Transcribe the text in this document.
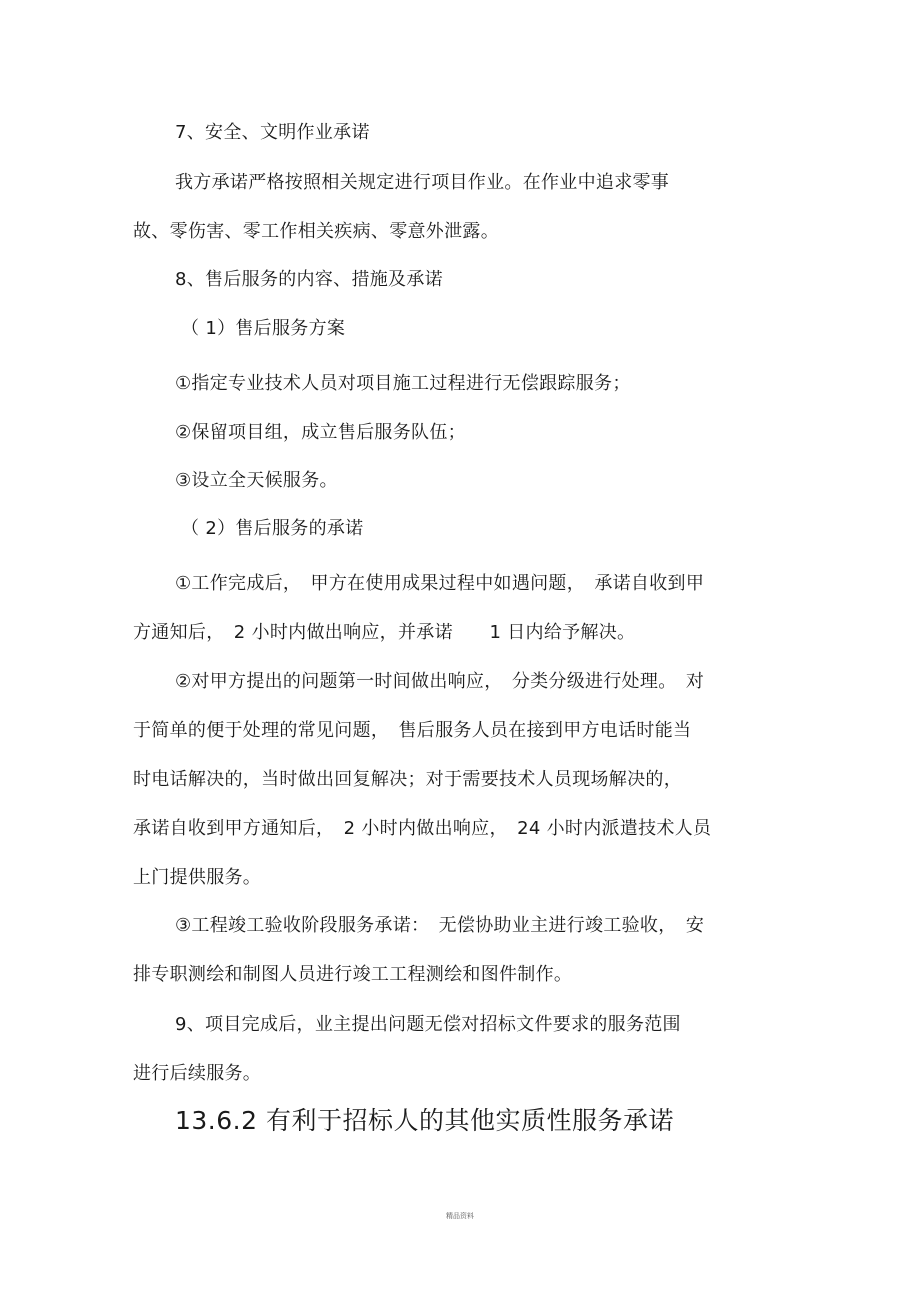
7、安全、文明作业承诺
我方承诺严格按照相关规定进行项目作业。在作业中追求零事
故、零伤害、零工作相关疾病、零意外泄露。
8、售后服务的内容、措施及承诺
（ 1）售后服务方案
①指定专业技术人员对项目施工过程进行无偿跟踪服务；
②保留项目组，成立售后服务队伍；
③设立全天候服务。
（ 2）售后服务的承诺
①工作完成后，　甲方在使用成果过程中如遇问题，　承诺自收到甲
方通知后，　2 小时内做出响应，并承诺　　1 日内给予解决。
②对甲方提出的问题第一时间做出响应，　分类分级进行处理。　对
于简单的便于处理的常见问题，　售后服务人员在接到甲方电话时能当
时电话解决的，当时做出回复解决；对于需要技术人员现场解决的，
承诺自收到甲方通知后，　2 小时内做出响应，　24 小时内派遣技术人员
上门提供服务。
③工程竣工验收阶段服务承诺：　无偿协助业主进行竣工验收，　安
排专职测绘和制图人员进行竣工工程测绘和图件制作。
9、项目完成后，业主提出问题无偿对招标文件要求的服务范围
进行后续服务。
13.6.2 有利于招标人的其他实质性服务承诺
精品资料
